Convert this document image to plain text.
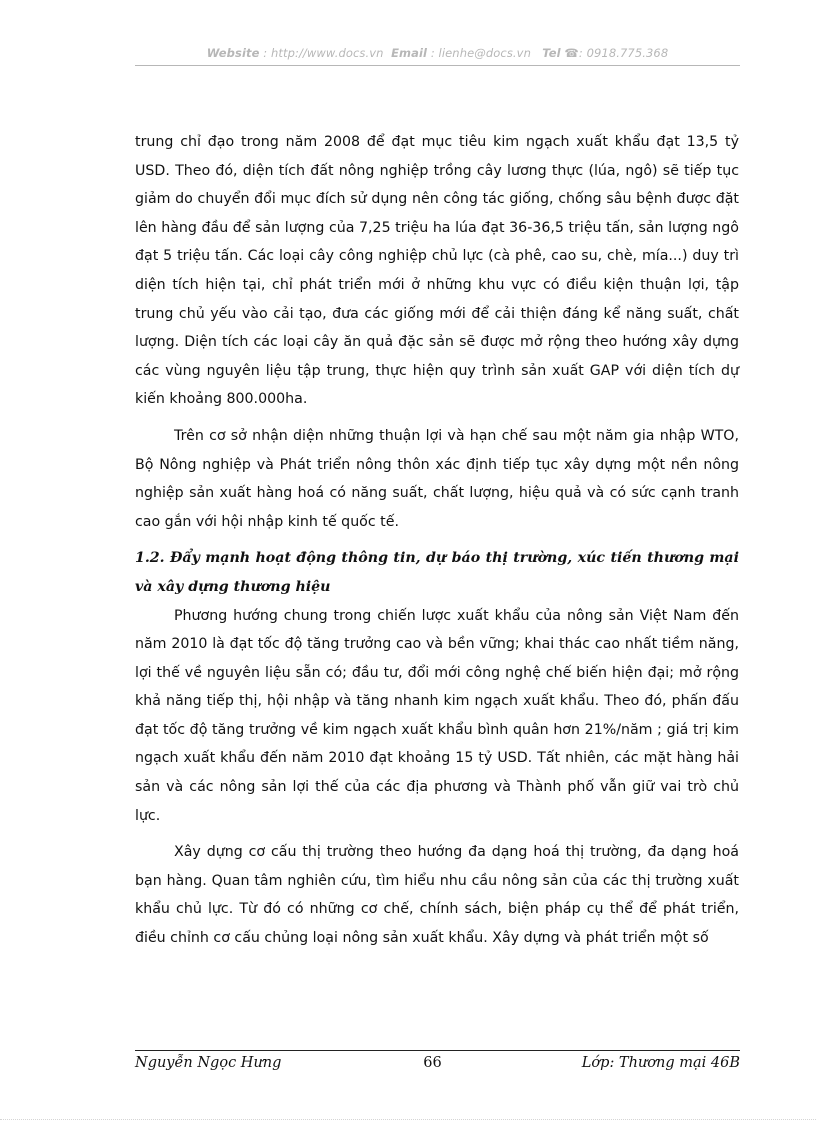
Website : http://www.docs.vn Email : lienhe@docs.vn Tel ☎: 0918.775.368

trung chỉ đạo trong năm 2008 để đạt mục tiêu kim ngạch xuất khẩu đạt 13,5 tỷ USD. Theo đó, diện tích đất nông nghiệp trồng cây lương thực (lúa, ngô) sẽ tiếp tục giảm do chuyển đổi mục đích sử dụng nên công tác giống, chống sâu bệnh được đặt lên hàng đầu để sản lượng của 7,25 triệu ha lúa đạt 36-36,5 triệu tấn, sản lượng ngô đạt 5 triệu tấn. Các loại cây công nghiệp chủ lực (cà phê, cao su, chè, mía...) duy trì diện tích hiện tại, chỉ phát triển mới ở những khu vực có điều kiện thuận lợi, tập trung chủ yếu vào cải tạo, đưa các giống mới để cải thiện đáng kể năng suất, chất lượng. Diện tích các loại cây ăn quả đặc sản sẽ được mở rộng theo hướng xây dựng các vùng nguyên liệu tập trung, thực hiện quy trình sản xuất GAP với diện tích dự kiến khoảng 800.000ha.

Trên cơ sở nhận diện những thuận lợi và hạn chế sau một năm gia nhập WTO, Bộ Nông nghiệp và Phát triển nông thôn xác định tiếp tục xây dựng một nền nông nghiệp sản xuất hàng hoá có năng suất, chất lượng, hiệu quả và có sức cạnh tranh cao gắn với hội nhập kinh tế quốc tế.

1.2. Đẩy mạnh hoạt động thông tin, dự báo thị trường, xúc tiến thương mại và xây dựng thương hiệu

Phương hướng chung trong chiến lược xuất khẩu của nông sản Việt Nam đến năm 2010 là đạt tốc độ tăng trưởng cao và bền vững; khai thác cao nhất tiềm năng, lợi thế về nguyên liệu sẵn có; đầu tư, đổi mới công nghệ chế biến hiện đại; mở rộng khả năng tiếp thị, hội nhập và tăng nhanh kim ngạch xuất khẩu. Theo đó, phấn đấu đạt tốc độ tăng trưởng về kim ngạch xuất khẩu bình quân hơn 21%/năm ; giá trị kim ngạch xuất khẩu đến năm 2010 đạt khoảng 15 tỷ USD. Tất nhiên, các mặt hàng hải sản và các nông sản lợi thế của các địa phương và Thành phố vẫn giữ vai trò chủ lực.

Xây dựng cơ cấu thị trường theo hướng đa dạng hoá thị trường, đa dạng hoá bạn hàng. Quan tâm nghiên cứu, tìm hiểu nhu cầu nông sản của các thị trường xuất khẩu chủ lực. Từ đó có những cơ chế, chính sách, biện pháp cụ thể để phát triển, điều chỉnh cơ cấu chủng loại nông sản xuất khẩu. Xây dựng và phát triển một số

Nguyễn Ngọc Hưng	66	Lớp: Thương mại 46B
